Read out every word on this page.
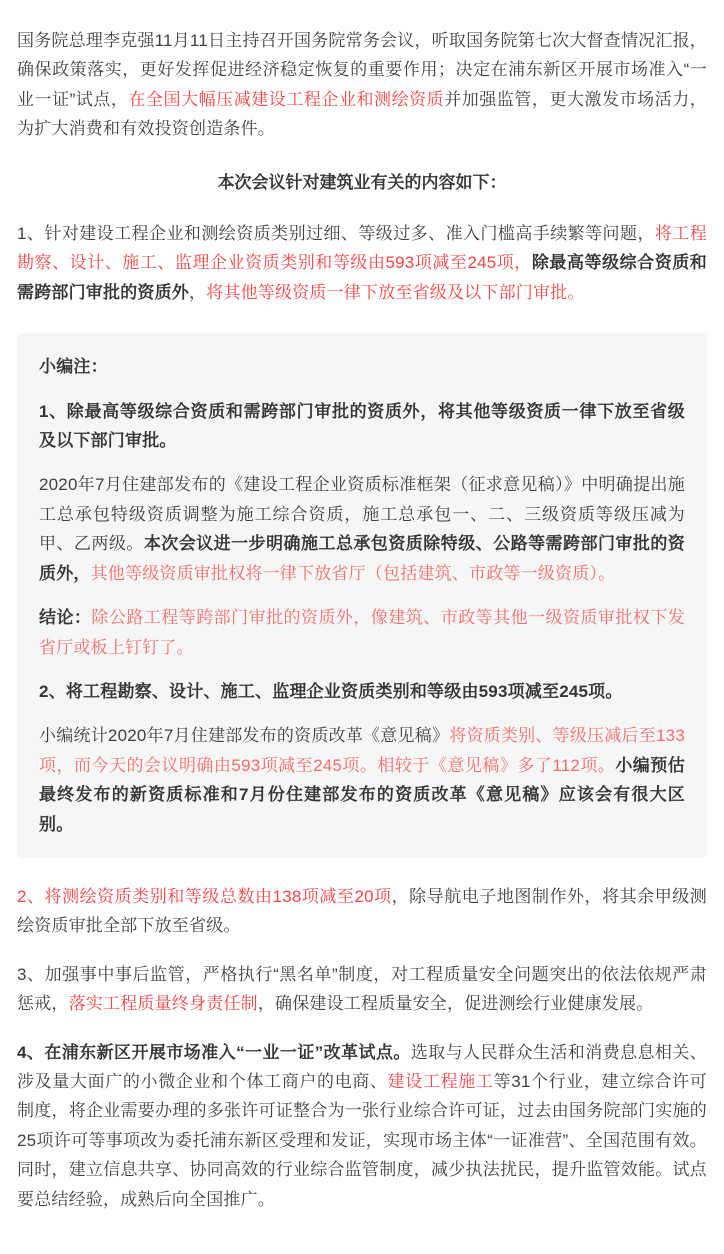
国务院总理李克强11月11日主持召开国务院常务会议，听取国务院第七次大督查情况汇报，确保政策落实，更好发挥促进经济稳定恢复的重要作用；决定在浦东新区开展市场准入“一业一证”试点，在全国大幅压减建设工程企业和测绘资质并加强监管，更大激发市场活力，为扩大消费和有效投资创造条件。

本次会议针对建筑业有关的内容如下：

1、针对建设工程企业和测绘资质类别过细、等级过多、准入门槛高手续繁等问题，将工程勘察、设计、施工、监理企业资质类别和等级由593项减至245项，除最高等级综合资质和需跨部门审批的资质外，将其他等级资质一律下放至省级及以下部门审批。

小编注：

1、除最高等级综合资质和需跨部门审批的资质外，将其他等级资质一律下放至省级及以下部门审批。

2020年7月住建部发布的《建设工程企业资质标准框架（征求意见稿）》中明确提出施工总承包特级资质调整为施工综合资质，施工总承包一、二、三级资质等级压减为甲、乙两级。本次会议进一步明确施工总承包资质除特级、公路等需跨部门审批的资质外，其他等级资质审批权将一律下放省厅（包括建筑、市政等一级资质）。

结论：除公路工程等跨部门审批的资质外，像建筑、市政等其他一级资质审批权下发省厅或板上钉钉了。

2、将工程勘察、设计、施工、监理企业资质类别和等级由593项减至245项。

小编统计2020年7月住建部发布的资质改革《意见稿》将资质类别、等级压减后至133项，而今天的会议明确由593项减至245项。相较于《意见稿》多了112项。小编预估最终发布的新资质标准和7月份住建部发布的资质改革《意见稿》应该会有很大区别。

2、将测绘资质类别和等级总数由138项减至20项，除导航电子地图制作外，将其余甲级测绘资质审批全部下放至省级。

3、加强事中事后监管，严格执行“黑名单”制度，对工程质量安全问题突出的依法依规严肃惩戒，落实工程质量终身责任制，确保建设工程质量安全，促进测绘行业健康发展。

4、在浦东新区开展市场准入“一业一证”改革试点。选取与人民群众生活和消费息息相关、涉及量大面广的小微企业和个体工商户的电商、建设工程施工等31个行业，建立综合许可制度，将企业需要办理的多张许可证整合为一张行业综合许可证，过去由国务院部门实施的25项许可等事项改为委托浦东新区受理和发证，实现市场主体“一证准营”、全国范围有效。同时，建立信息共享、协同高效的行业综合监管制度，减少执法扰民，提升监管效能。试点要总结经验，成熟后向全国推广。
